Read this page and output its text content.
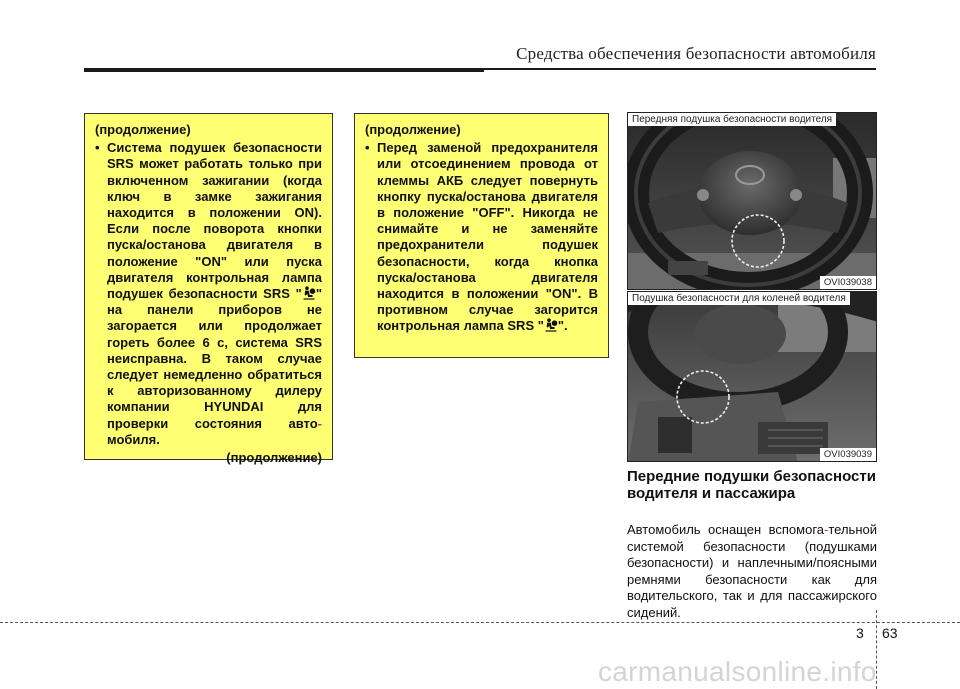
Средства обеспечения безопасности автомобиля
(продолжение)
• Система подушек безопасности SRS может работать только при включенном зажигании (когда ключ в замке зажигания находится в положении ON). Если после поворота кнопки пуска/останова двигателя в положение "ON" или пуска двигателя контрольная лампа подушек безопасности SRS " " на панели приборов не загорается или продолжает гореть более 6 с, система SRS неисправна. В таком случае следует немедленно обратиться к авторизованному дилеру компании HYUNDAI для проверки состояния авто-мобиля.
(продолжение)
(продолжение)
• Перед заменой предохранителя или отсоединением провода от клеммы АКБ следует повернуть кнопку пуска/останова двигателя в положение "OFF". Никогда не снимайте и не заменяйте предохранители подушек безопасности, когда кнопка пуска/останова двигателя находится в положении "ON". В противном случае загорится контрольная лампа SRS " ".
Передняя подушка безопасности водителя
OVI039038
Подушка безопасности для коленей водителя
OVI039039
Передние подушки безопасности водителя и пассажира
Автомобиль оснащен вспомога-тельной системой безопасности (подушками безопасности) и наплечными/поясными ремнями безопасности как для водительского, так и для пассажирского сидений.
3 63
carmanualsonline.info
